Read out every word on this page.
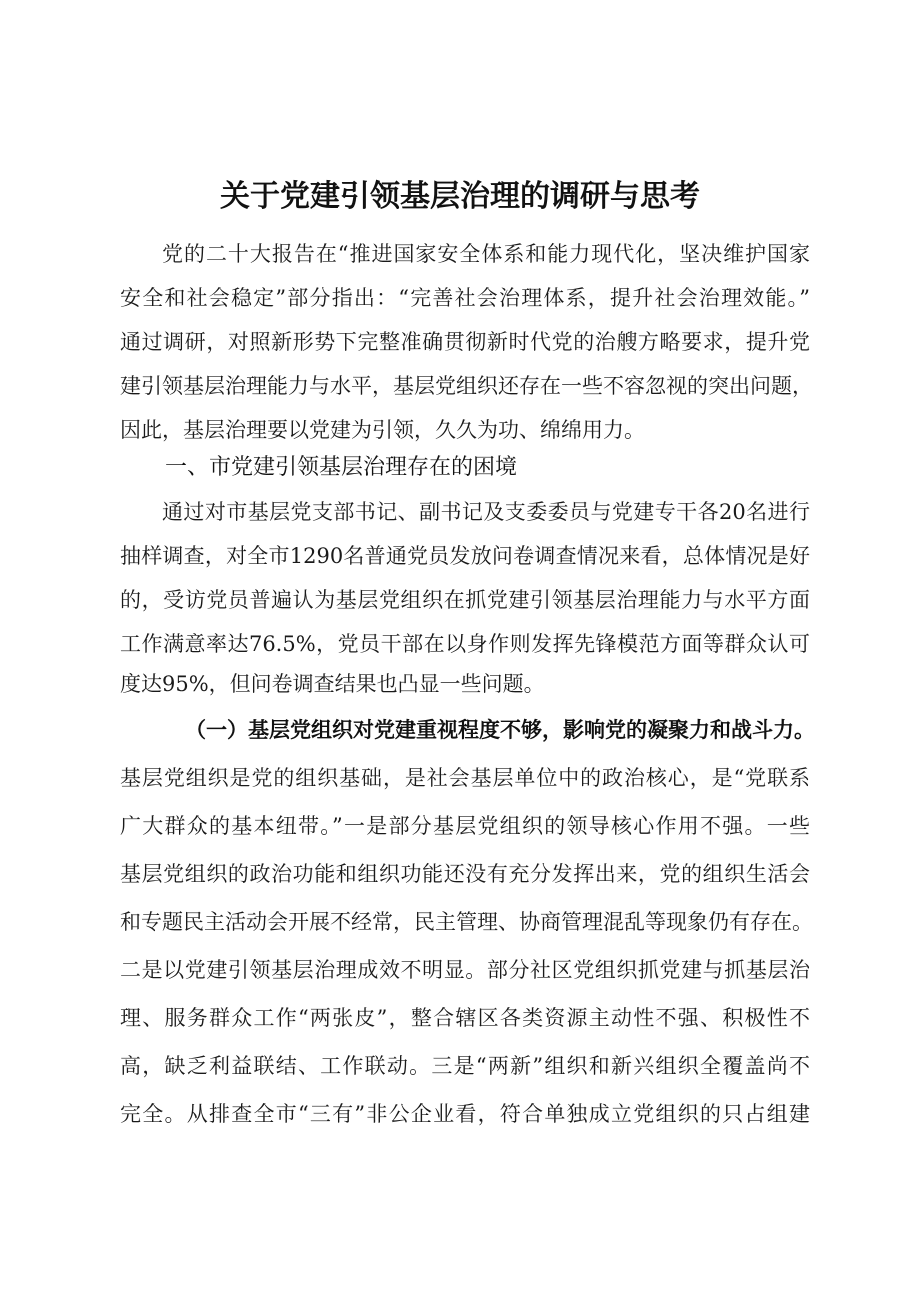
关于党建引领基层治理的调研与思考
党的二十大报告在“推进国家安全体系和能力现代化，坚决维护国家
安全和社会稳定”部分指出：“完善社会治理体系，提升社会治理效能。”
通过调研，对照新形势下完整准确贯彻新时代党的治艘方略要求，提升党
建引领基层治理能力与水平，基层党组织还存在一些不容忽视的突出问题，
因此，基层治理要以党建为引领，久久为功、绵绵用力。
一、市党建引领基层治理存在的困境
通过对市基层党支部书记、副书记及支委委员与党建专干各20名进行
抽样调查，对全市1290名普通党员发放问卷调查情况来看，总体情况是好
的，受访党员普遍认为基层党组织在抓党建引领基层治理能力与水平方面
工作满意率达76.5%，党员干部在以身作则发挥先锋模范方面等群众认可
度达95%，但问卷调查结果也凸显一些问题。
（一）基层党组织对党建重视程度不够，影响党的凝聚力和战斗力。
基层党组织是党的组织基础，是社会基层单位中的政治核心，是“党联系
广大群众的基本纽带。”一是部分基层党组织的领导核心作用不强。一些
基层党组织的政治功能和组织功能还没有充分发挥出来，党的组织生活会
和专题民主活动会开展不经常，民主管理、协商管理混乱等现象仍有存在。
二是以党建引领基层治理成效不明显。部分社区党组织抓党建与抓基层治
理、服务群众工作“两张皮”，整合辖区各类资源主动性不强、积极性不
高，缺乏利益联结、工作联动。三是“两新”组织和新兴组织全覆盖尚不
完全。从排查全市“三有”非公企业看，符合单独成立党组织的只占组建
